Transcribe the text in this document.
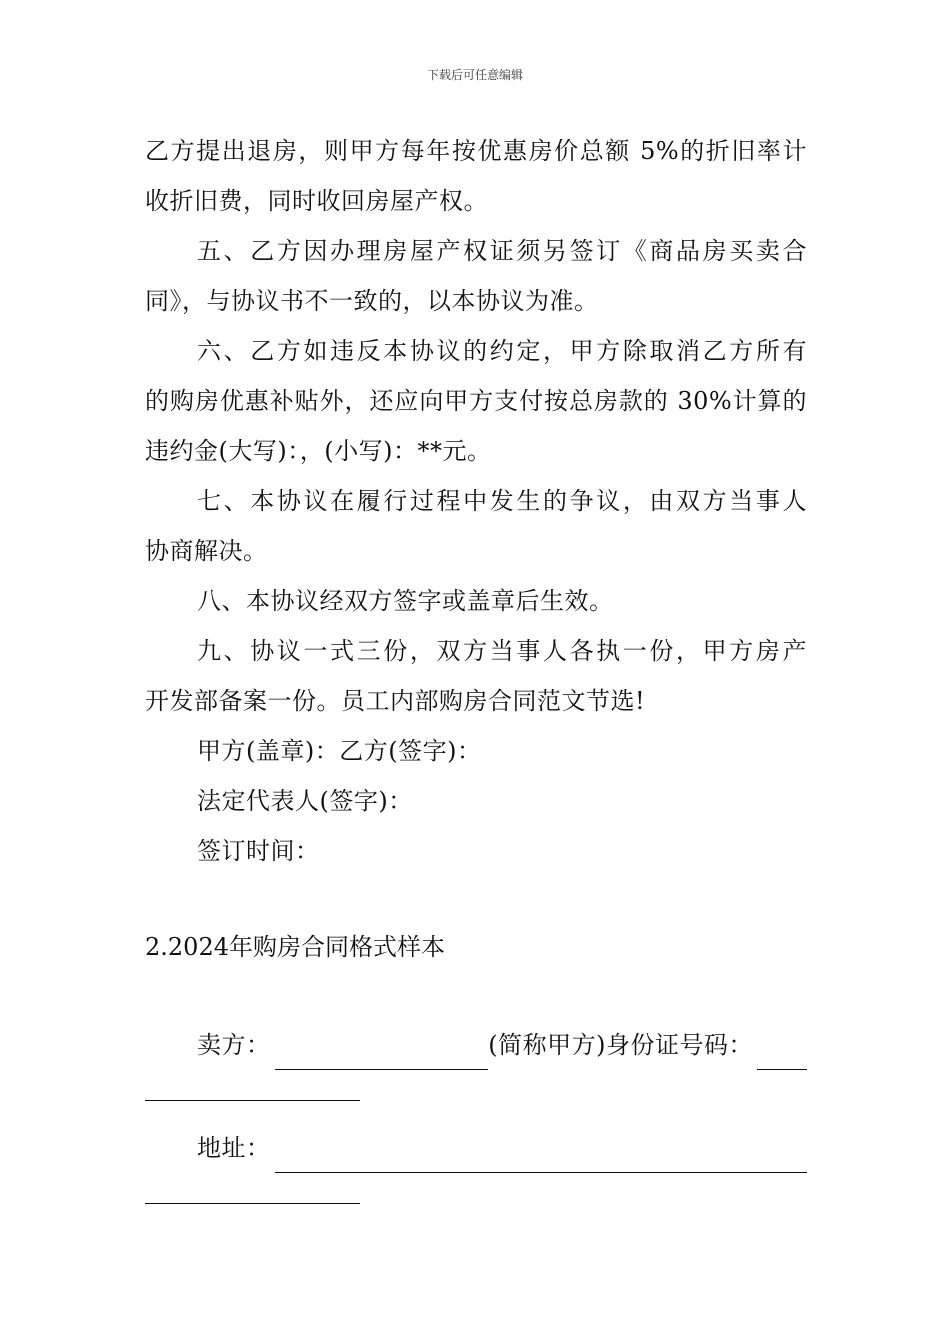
下载后可任意编辑
乙方提出退房，则甲方每年按优惠房价总额 5%的折旧率计
收折旧费，同时收回房屋产权。
五、乙方因办理房屋产权证须另签订《商品房买卖合
同》，与协议书不一致的，以本协议为准。
六、乙方如违反本协议的约定，甲方除取消乙方所有
的购房优惠补贴外，还应向甲方支付按总房款的 30%计算的
违约金(大写)：，(小写)：**元。
七、本协议在履行过程中发生的争议，由双方当事人
协商解决。
八、本协议经双方签字或盖章后生效。
九、协议一式三份，双方当事人各执一份，甲方房产
开发部备案一份。员工内部购房合同范文节选!
甲方(盖章)：乙方(签字)：
法定代表人(签字)：
签订时间：
2.2024年购房合同格式样本
卖方：	(简称甲方)身份证号码：
地址：
